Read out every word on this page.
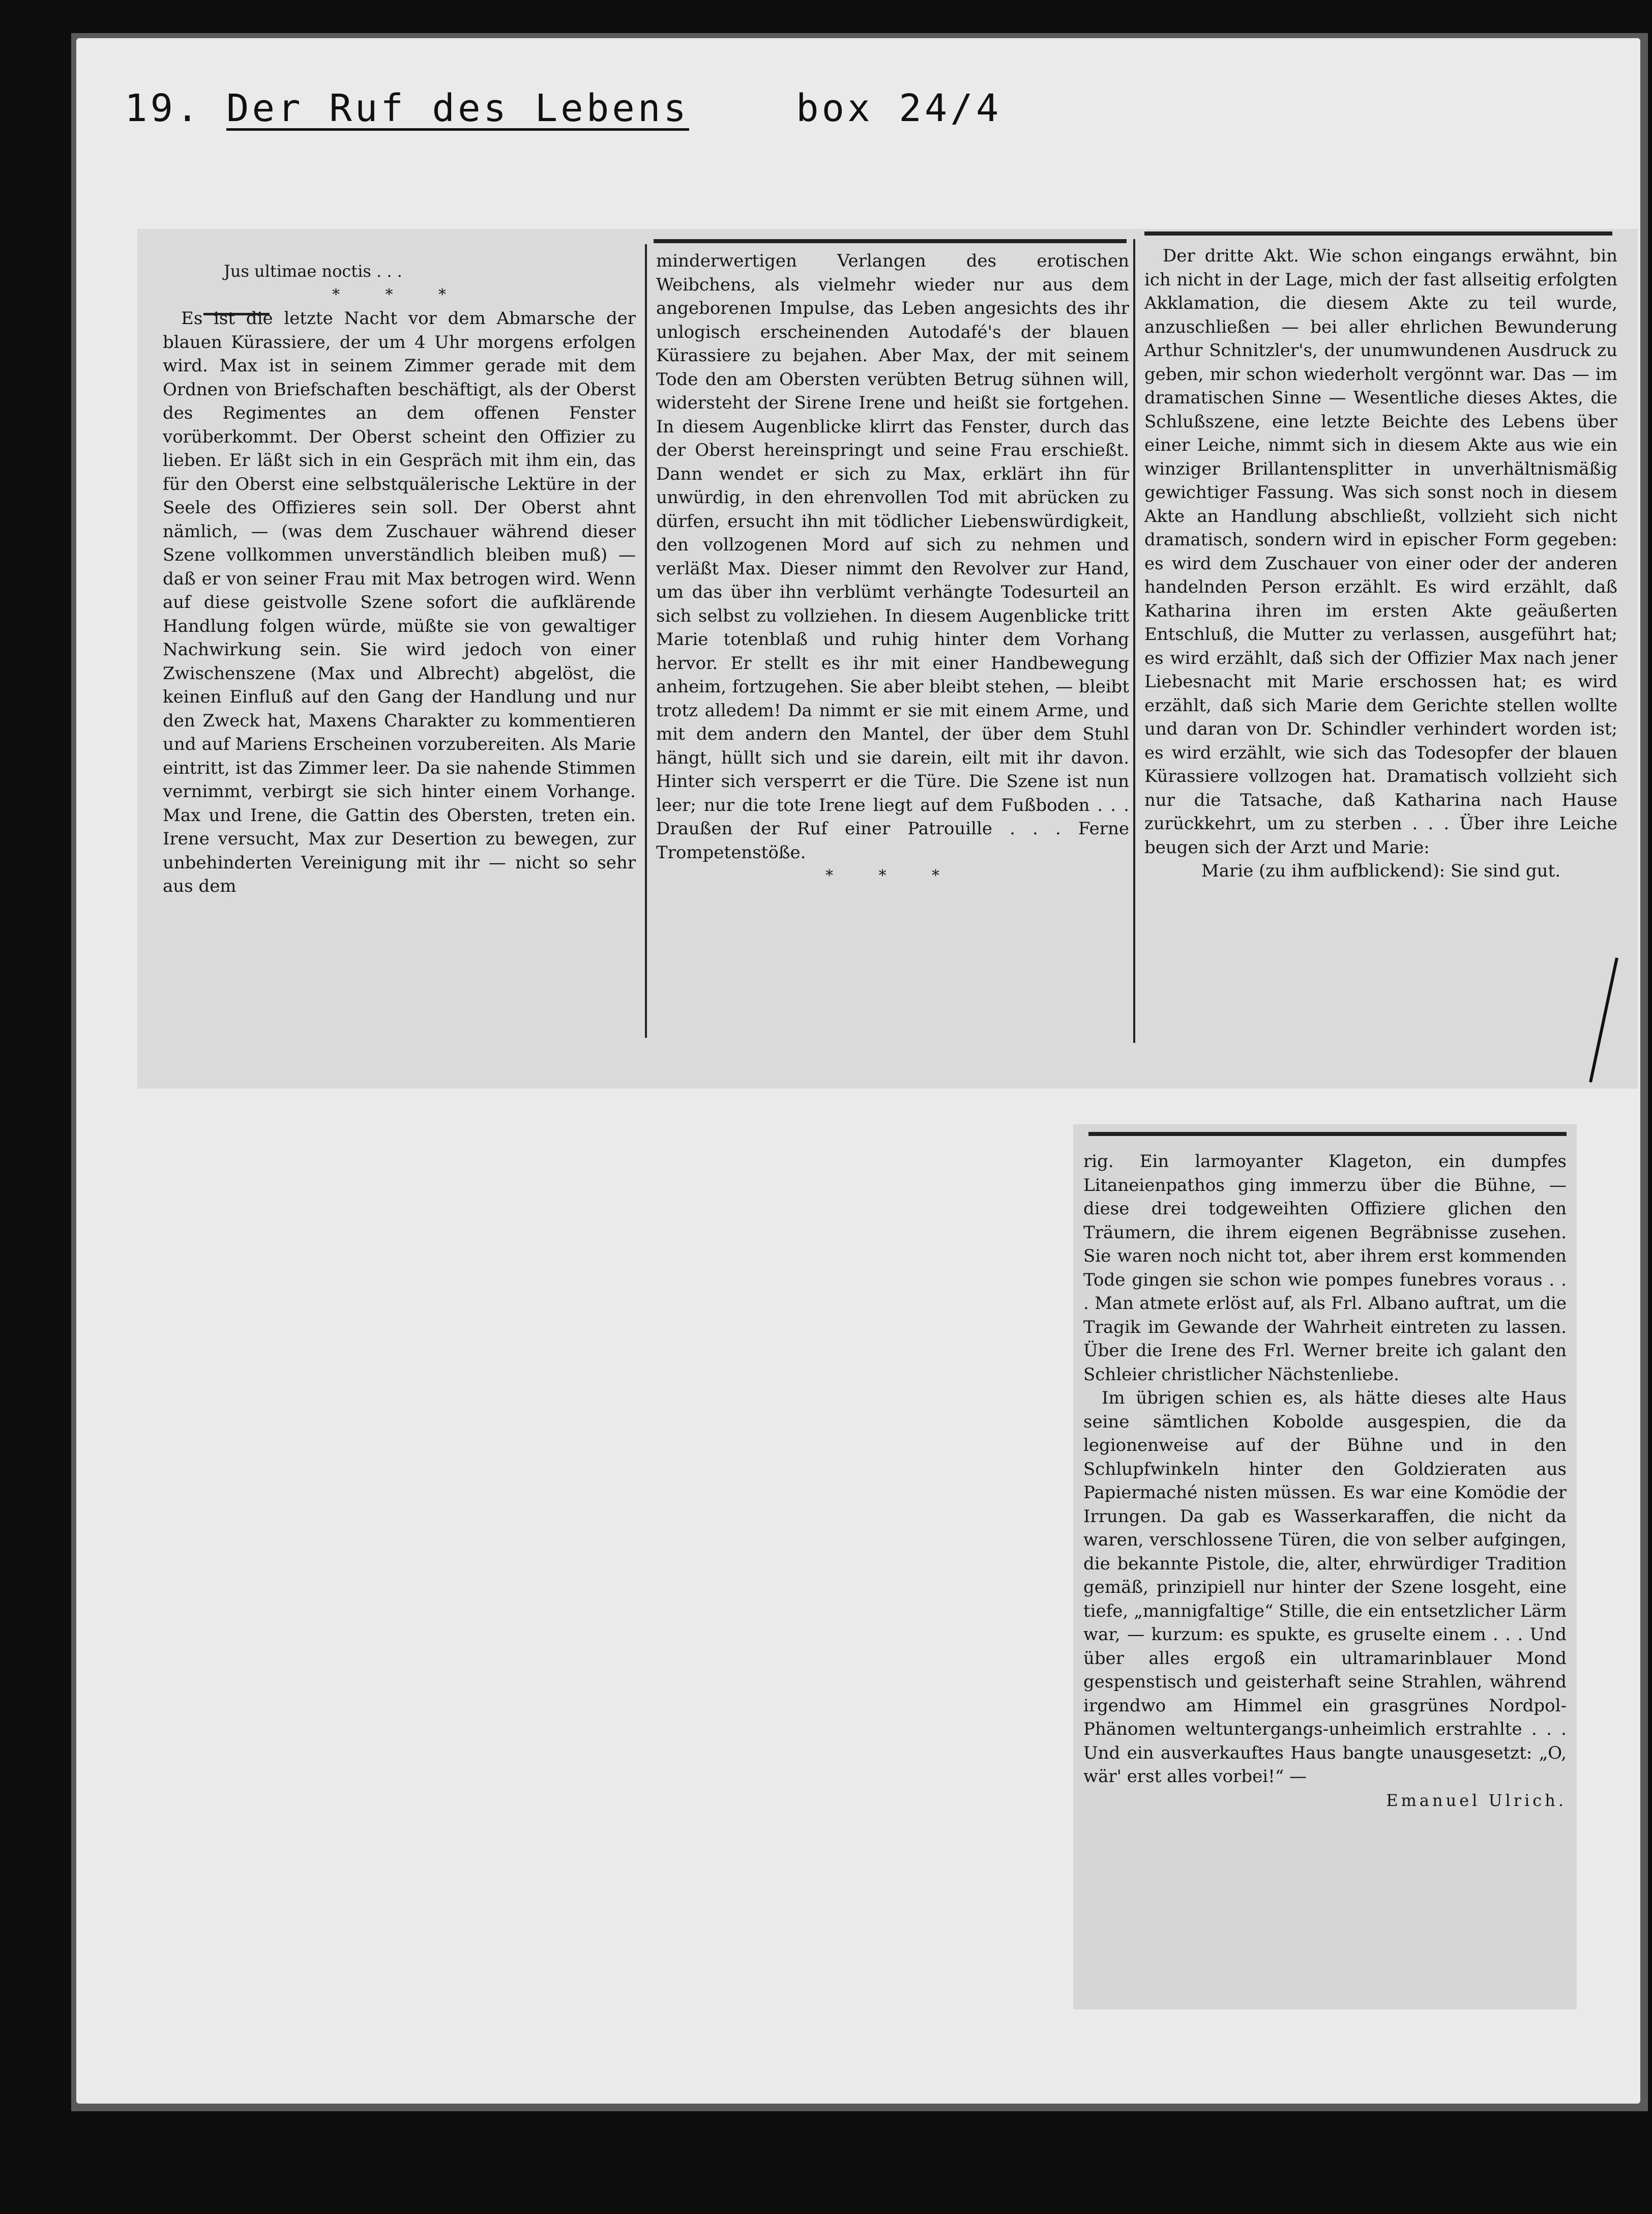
19. Der Ruf des Lebens	box 24/4

Jus ultimae noctis . . .

* * *

Es ist die letzte Nacht vor dem Abmarsche der blauen Kürassiere, der um 4 Uhr morgens erfolgen wird. Max ist in seinem Zimmer gerade mit dem Ordnen von Briefschaften beschäftigt, als der Oberst des Regimentes an dem offenen Fenster vorüberkommt. Der Oberst scheint den Offizier zu lieben. Er läßt sich in ein Gespräch mit ihm ein, das für den Oberst eine selbstquälerische Lektüre in der Seele des Offizieres sein soll. Der Oberst ahnt nämlich, — (was dem Zuschauer während dieser Szene vollkommen unverständlich bleiben muß) — daß er von seiner Frau mit Max betrogen wird. Wenn auf diese geistvolle Szene sofort die aufklärende Handlung folgen würde, müßte sie von gewaltiger Nachwirkung sein. Sie wird jedoch von einer Zwischenszene (Max und Albrecht) abgelöst, die keinen Einfluß auf den Gang der Handlung und nur den Zweck hat, Maxens Charakter zu kommentieren und auf Mariens Erscheinen vorzubereiten. Als Marie eintritt, ist das Zimmer leer. Da sie nahende Stimmen vernimmt, verbirgt sie sich hinter einem Vorhange. Max und Irene, die Gattin des Obersten, treten ein. Irene versucht, Max zur Desertion zu bewegen, zur unbehinderten Vereinigung mit ihr — nicht so sehr aus dem

minderwertigen Verlangen des erotischen Weibchens, als vielmehr wieder nur aus dem angeborenen Impulse, das Leben angesichts des ihr unlogisch erscheinenden Autodafé's der blauen Kürassiere zu bejahen. Aber Max, der mit seinem Tode den am Obersten verübten Betrug sühnen will, widersteht der Sirene Irene und heißt sie fortgehen. In diesem Augenblicke klirrt das Fenster, durch das der Oberst hereinspringt und seine Frau erschießt. Dann wendet er sich zu Max, erklärt ihn für unwürdig, in den ehrenvollen Tod mit abrücken zu dürfen, ersucht ihn mit tödlicher Liebenswürdigkeit, den vollzogenen Mord auf sich zu nehmen und verläßt Max. Dieser nimmt den Revolver zur Hand, um das über ihn verblümt verhängte Todesurteil an sich selbst zu vollziehen. In diesem Augenblicke tritt Marie totenblaß und ruhig hinter dem Vorhang hervor. Er stellt es ihr mit einer Handbewegung anheim, fortzugehen. Sie aber bleibt stehen, — bleibt trotz alledem! Da nimmt er sie mit einem Arme, und mit dem andern den Mantel, der über dem Stuhl hängt, hüllt sich und sie darein, eilt mit ihr davon. Hinter sich versperrt er die Türe. Die Szene ist nun leer; nur die tote Irene liegt auf dem Fußboden . . . Draußen der Ruf einer Patrouille . . . Ferne Trompetenstöße.

* * *

Der dritte Akt. Wie schon eingangs erwähnt, bin ich nicht in der Lage, mich der fast allseitig erfolgten Akklamation, die diesem Akte zu teil wurde, anzuschließen — bei aller ehrlichen Bewunderung Arthur Schnitzler's, der unumwundenen Ausdruck zu geben, mir schon wiederholt vergönnt war. Das — im dramatischen Sinne — Wesentliche dieses Aktes, die Schlußszene, eine letzte Beichte des Lebens über einer Leiche, nimmt sich in diesem Akte aus wie ein winziger Brillantensplitter in unverhältnismäßig gewichtiger Fassung. Was sich sonst noch in diesem Akte an Handlung abschließt, vollzieht sich nicht dramatisch, sondern wird in epischer Form gegeben: es wird dem Zuschauer von einer oder der anderen handelnden Person erzählt. Es wird erzählt, daß Katharina ihren im ersten Akte geäußerten Entschluß, die Mutter zu verlassen, ausgeführt hat; es wird erzählt, daß sich der Offizier Max nach jener Liebesnacht mit Marie erschossen hat; es wird erzählt, daß sich Marie dem Gerichte stellen wollte und daran von Dr. Schindler verhindert worden ist; es wird erzählt, wie sich das Todesopfer der blauen Kürassiere vollzogen hat. Dramatisch vollzieht sich nur die Tatsache, daß Katharina nach Hause zurückkehrt, um zu sterben . . . Über ihre Leiche beugen sich der Arzt und Marie:

Marie (zu ihm aufblickend): Sie sind gut.

rig. Ein larmoyanter Klageton, ein dumpfes Litaneienpathos ging immerzu über die Bühne, — diese drei todgeweihten Offiziere glichen den Träumern, die ihrem eigenen Begräbnisse zusehen. Sie waren noch nicht tot, aber ihrem erst kommenden Tode gingen sie schon wie pompes funebres voraus . . . Man atmete erlöst auf, als Frl. Albano auftrat, um die Tragik im Gewande der Wahrheit eintreten zu lassen. Über die Irene des Frl. Werner breite ich galant den Schleier christlicher Nächstenliebe.

Im übrigen schien es, als hätte dieses alte Haus seine sämtlichen Kobolde ausgespien, die da legionenweise auf der Bühne und in den Schlupfwinkeln hinter den Goldzieraten aus Papiermaché nisten müssen. Es war eine Komödie der Irrungen. Da gab es Wasserkaraffen, die nicht da waren, verschlossene Türen, die von selber aufgingen, die bekannte Pistole, die, alter, ehrwürdiger Tradition gemäß, prinzipiell nur hinter der Szene losgeht, eine tiefe, „mannigfaltige“ Stille, die ein entsetzlicher Lärm war, — kurzum: es spukte, es gruselte einem . . . Und über alles ergoß ein ultramarinblauer Mond gespenstisch und geisterhaft seine Strahlen, während irgendwo am Himmel ein grasgrünes Nordpol-Phänomen weltuntergangs-unheimlich erstrahlte . . . Und ein ausverkauftes Haus bangte unausgesetzt: „O, wär' erst alles vorbei!“ —

Emanuel Ulrich.
